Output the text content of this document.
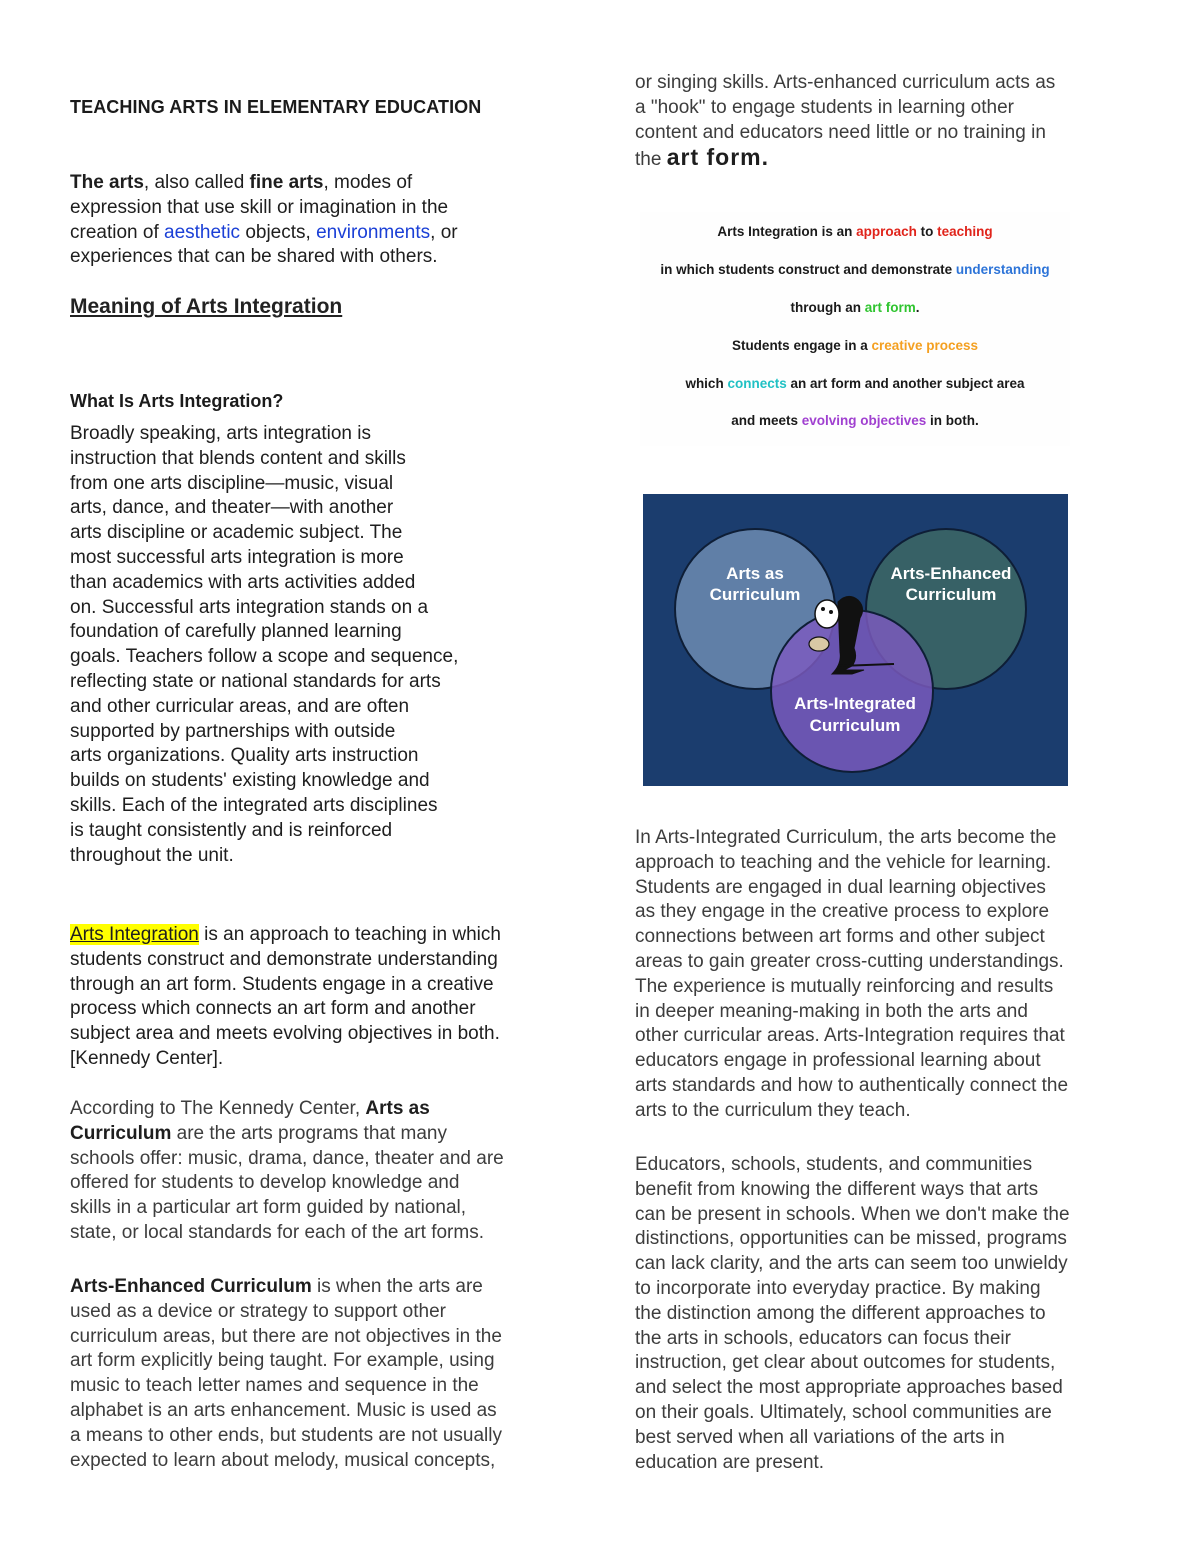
TEACHING ARTS IN ELEMENTARY EDUCATION
The arts, also called fine arts, modes of
expression that use skill or imagination in the
creation of aesthetic objects, environments, or
experiences that can be shared with others.
Meaning of Arts Integration
What Is Arts Integration?
Broadly speaking, arts integration is
instruction that blends content and skills
from one arts discipline—music, visual
arts, dance, and theater—with another
arts discipline or academic subject. The
most successful arts integration is more
than academics with arts activities added
on. Successful arts integration stands on a
foundation of carefully planned learning
goals. Teachers follow a scope and sequence,
reflecting state or national standards for arts
and other curricular areas, and are often
supported by partnerships with outside
arts organizations. Quality arts instruction
builds on students' existing knowledge and
skills. Each of the integrated arts disciplines
is taught consistently and is reinforced
throughout the unit.
Arts Integration is an approach to teaching in which
students construct and demonstrate understanding
through an art form. Students engage in a creative
process which connects an art form and another
subject area and meets evolving objectives in both.
[Kennedy Center].
According to The Kennedy Center, Arts as
Curriculum are the arts programs that many
schools offer: music, drama, dance, theater and are
offered for students to develop knowledge and
skills in a particular art form guided by national,
state, or local standards for each of the art forms.
Arts-Enhanced Curriculum is when the arts are
used as a device or strategy to support other
curriculum areas, but there are not objectives in the
art form explicitly being taught. For example, using
music to teach letter names and sequence in the
alphabet is an arts enhancement. Music is used as
a means to other ends, but students are not usually
expected to learn about melody, musical concepts,
or singing skills. Arts-enhanced curriculum acts as
a "hook" to engage students in learning other
content and educators need little or no training in
the art form.
Arts Integration is an approach to teaching
in which students construct and demonstrate understanding
through an art form.
Students engage in a creative process
which connects an art form and another subject area
and meets evolving objectives in both.
Arts as
Curriculum
Arts-Enhanced
Curriculum
Arts-Integrated
Curriculum
In Arts-Integrated Curriculum, the arts become the
approach to teaching and the vehicle for learning.
Students are engaged in dual learning objectives
as they engage in the creative process to explore
connections between art forms and other subject
areas to gain greater cross-cutting understandings.
The experience is mutually reinforcing and results
in deeper meaning-making in both the arts and
other curricular areas. Arts-Integration requires that
educators engage in professional learning about
arts standards and how to authentically connect the
arts to the curriculum they teach.
Educators, schools, students, and communities
benefit from knowing the different ways that arts
can be present in schools. When we don't make the
distinctions, opportunities can be missed, programs
can lack clarity, and the arts can seem too unwieldy
to incorporate into everyday practice. By making
the distinction among the different approaches to
the arts in schools, educators can focus their
instruction, get clear about outcomes for students,
and select the most appropriate approaches based
on their goals. Ultimately, school communities are
best served when all variations of the arts in
education are present.
